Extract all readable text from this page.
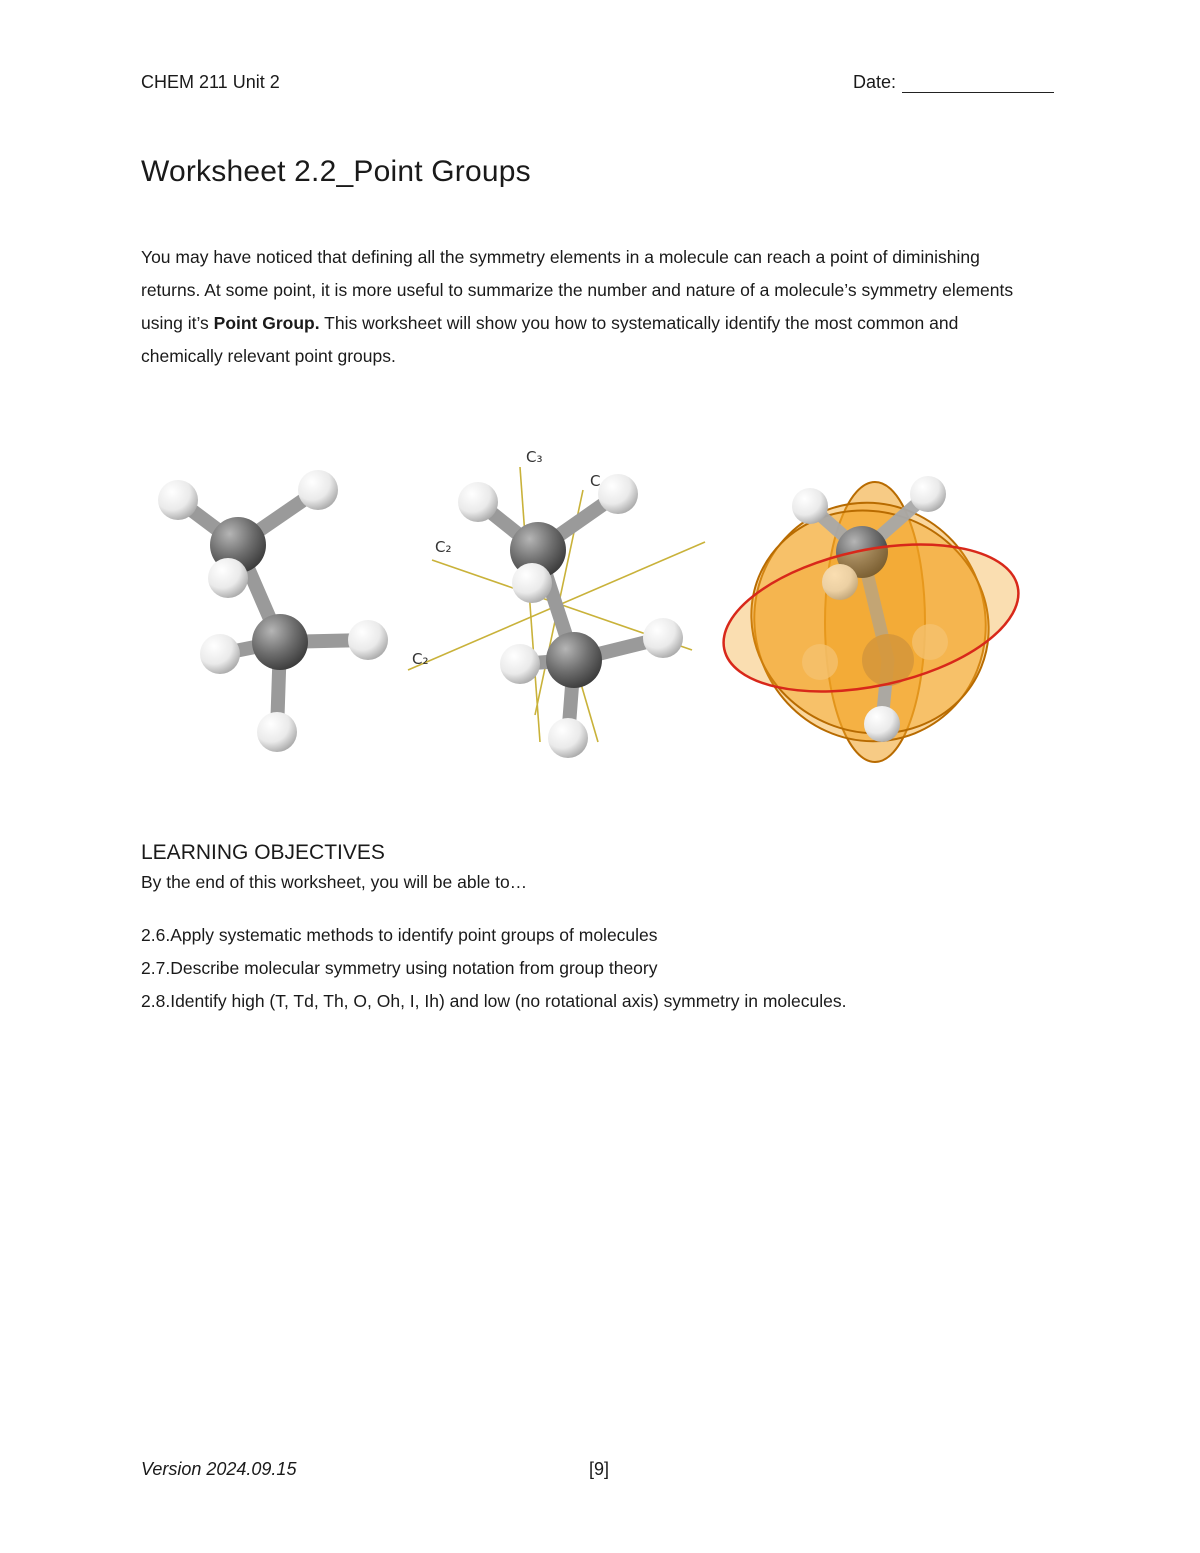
CHEM 211 Unit 2	Date:
Worksheet 2.2_Point Groups

You may have noticed that defining all the symmetry elements in a molecule can reach a point of diminishing returns. At some point, it is more useful to summarize the number and nature of a molecule’s symmetry elements using it’s Point Group. This worksheet will show you how to systematically identify the most common and chemically relevant point groups.

C₃
C
C₂
C₂
LEARNING OBJECTIVES
By the end of this worksheet, you will be able to…
2.6.Apply systematic methods to identify point groups of molecules
2.7.Describe molecular symmetry using notation from group theory
2.8.Identify high (T, Td, Th, O, Oh, I, Ih) and low (no rotational axis) symmetry in molecules.
Version 2024.09.15	[9]
